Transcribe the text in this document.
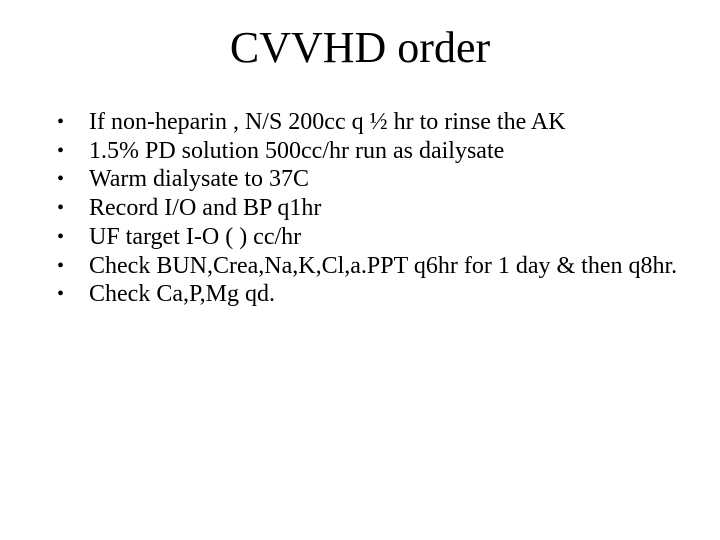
CVVHD order
•	If non-heparin , N/S 200cc q ½ hr to rinse the AK
•	1.5% PD solution 500cc/hr run as dailysate
•	Warm dialysate to 37C
•	Record I/O and BP q1hr
•	UF target I-O ( ) cc/hr
•	Check BUN,Crea,Na,K,Cl,a.PPT q6hr for 1 day & then q8hr.
•	Check Ca,P,Mg qd.
